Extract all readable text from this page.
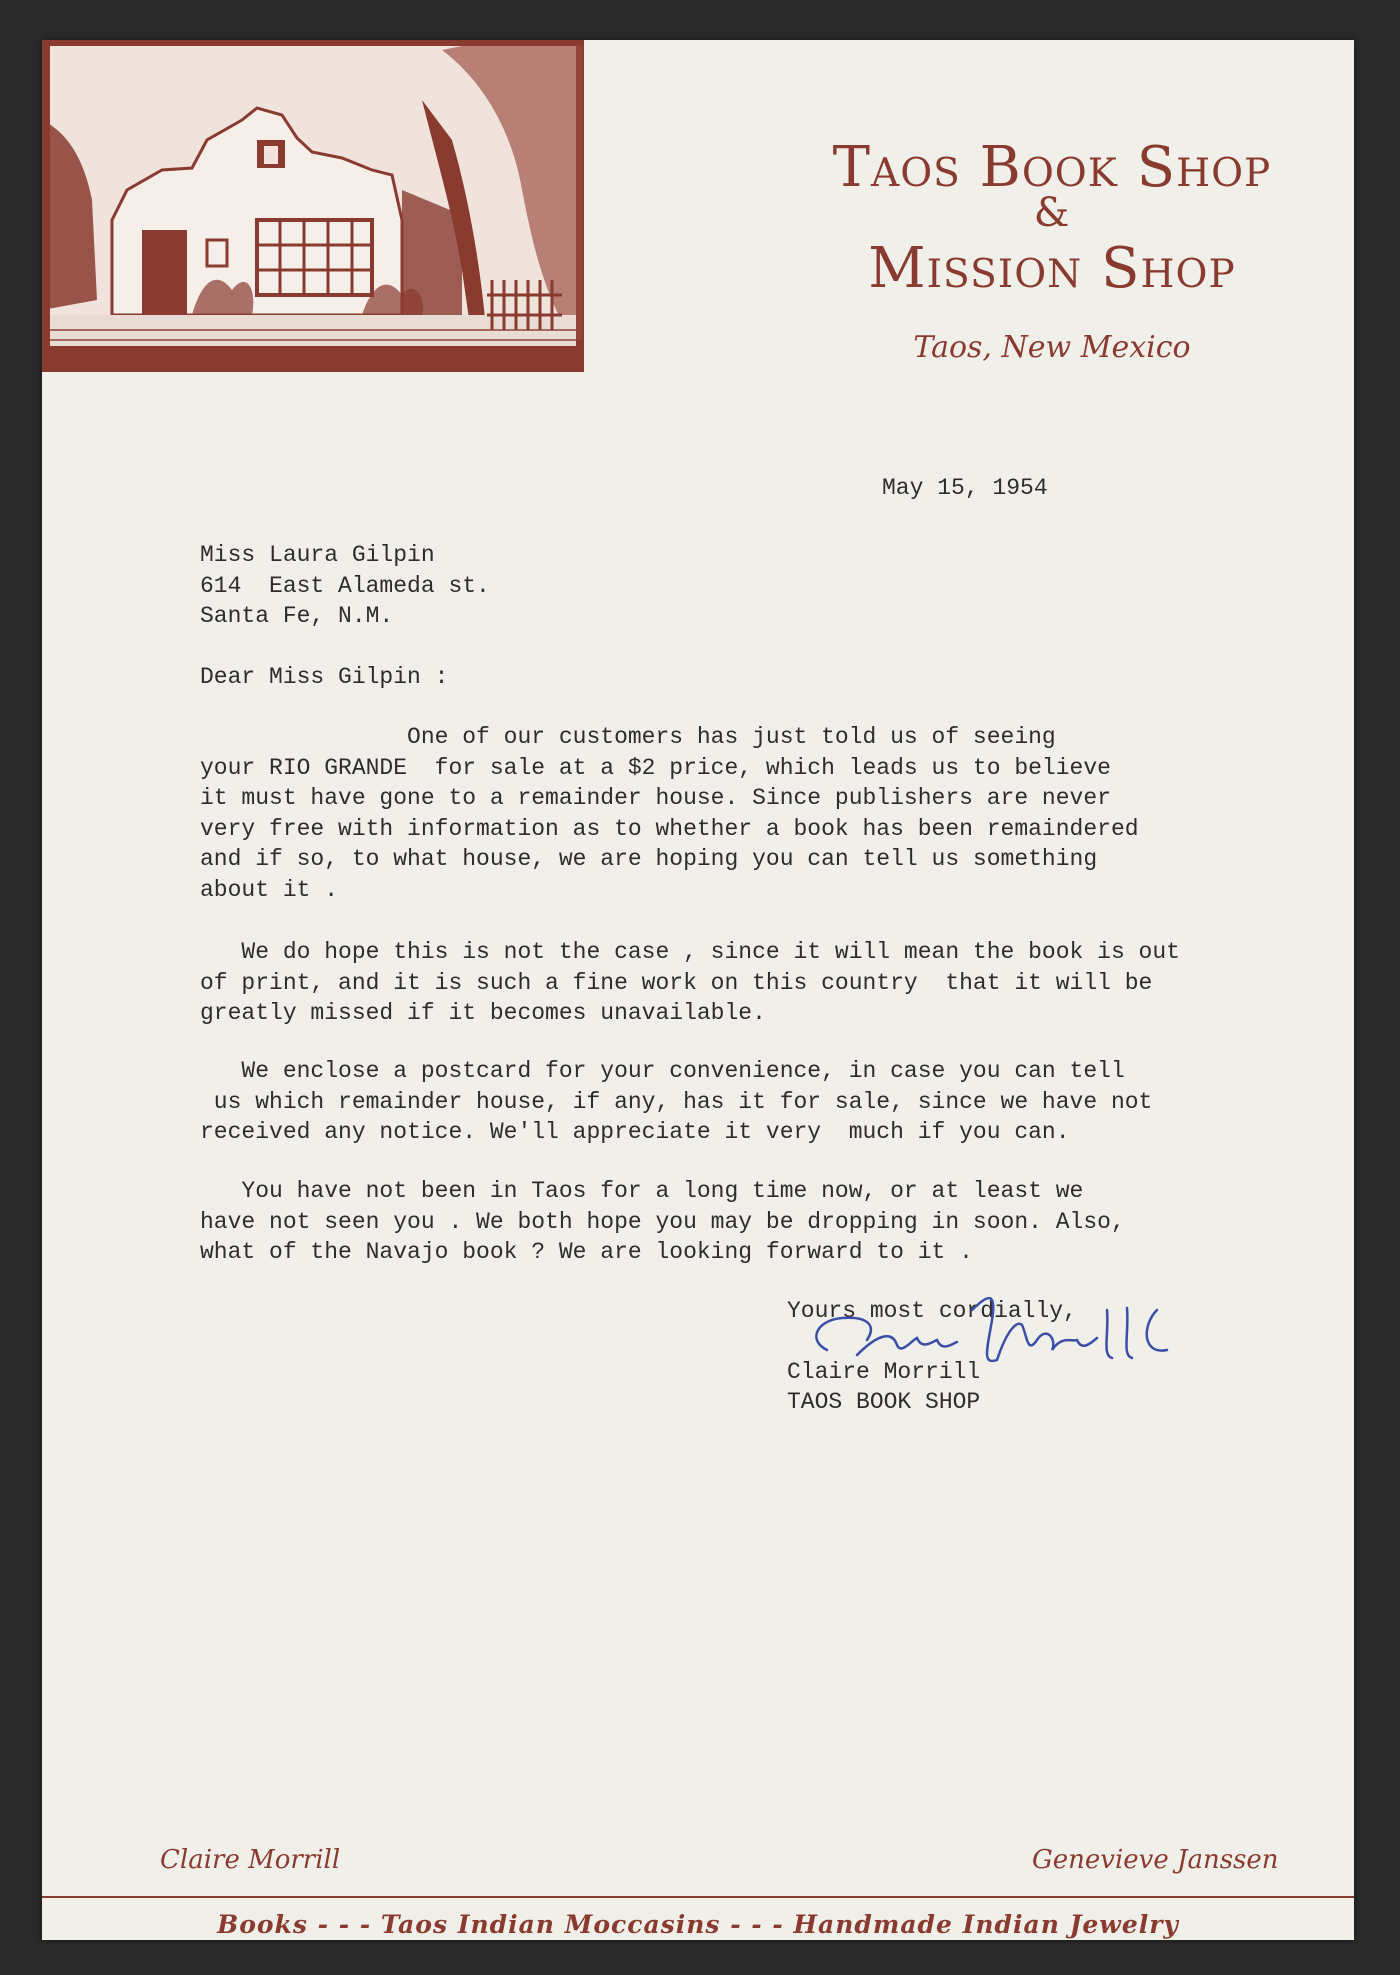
Taos Book Shop
&
Mission Shop
Taos, New Mexico
May 15, 1954
Miss Laura Gilpin
614  East Alameda st.
Santa Fe, N.M.
Dear Miss Gilpin :
One of our customers has just told us of seeing
your RIO GRANDE  for sale at a $2 price, which leads us to believe
it must have gone to a remainder house. Since publishers are never
very free with information as to whether a book has been remaindered
and if so, to what house, we are hoping you can tell us something
about it .
We do hope this is not the case , since it will mean the book is out
of print, and it is such a fine work on this country  that it will be
greatly missed if it becomes unavailable.
We enclose a postcard for your convenience, in case you can tell
us which remainder house, if any, has it for sale, since we have not
received any notice. We'll appreciate it very  much if you can.
You have not been in Taos for a long time now, or at least we
have not seen you . We both hope you may be dropping in soon. Also,
what of the Navajo book ? We are looking forward to it .
Yours most cordially,
Claire Morrill
TAOS BOOK SHOP
Claire Morrill	Genevieve Janssen
Books - - - Taos Indian Moccasins - - - Handmade Indian Jewelry
